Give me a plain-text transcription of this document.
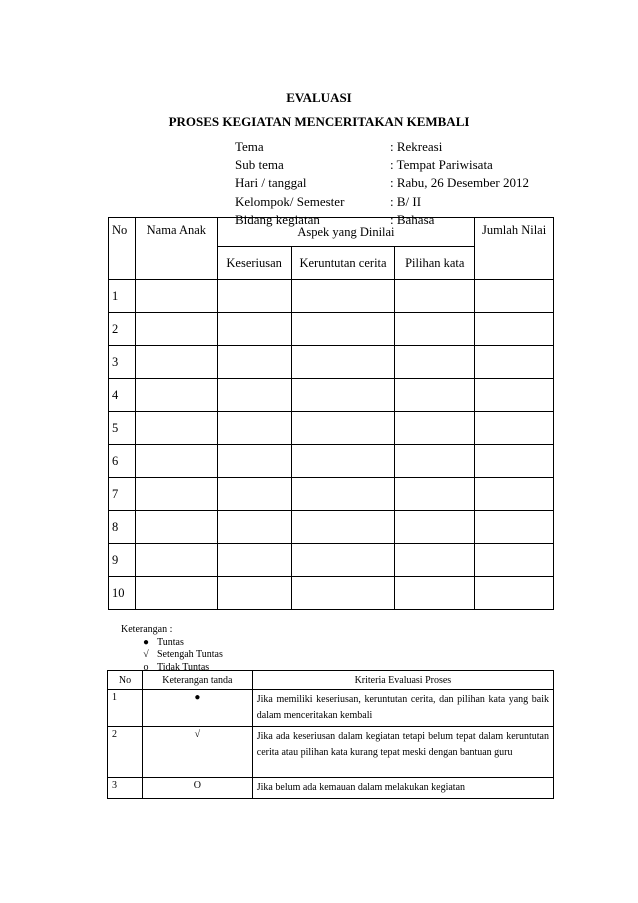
EVALUASI
PROSES KEGIATAN MENCERITAKAN KEMBALI
Tema	: Rekreasi
Sub tema	: Tempat Pariwisata
Hari / tanggal	: Rabu, 26 Desember 2012
Kelompok/ Semester	: B/ II
Bidang kegiatan	: Bahasa
No	Nama Anak	Aspek yang Dinilai			Jumlah Nilai
		Keseriusan	Keruntutan cerita	Pilihan kata	
1					
2					
3					
4					
5					
6					
7					
8					
9					
10					
Keterangan :
● Tuntas
√ Setengah Tuntas
o Tidak Tuntas
No	Keterangan tanda	Kriteria Evaluasi Proses
1	●	Jika memiliki keseriusan, keruntutan cerita, dan pilihan kata yang baik dalam menceritakan kembali
2	√	Jika ada keseriusan dalam kegiatan tetapi belum tepat dalam keruntutan cerita atau pilihan kata kurang tepat meski dengan bantuan guru
3	O	Jika belum ada kemauan dalam melakukan kegiatan
